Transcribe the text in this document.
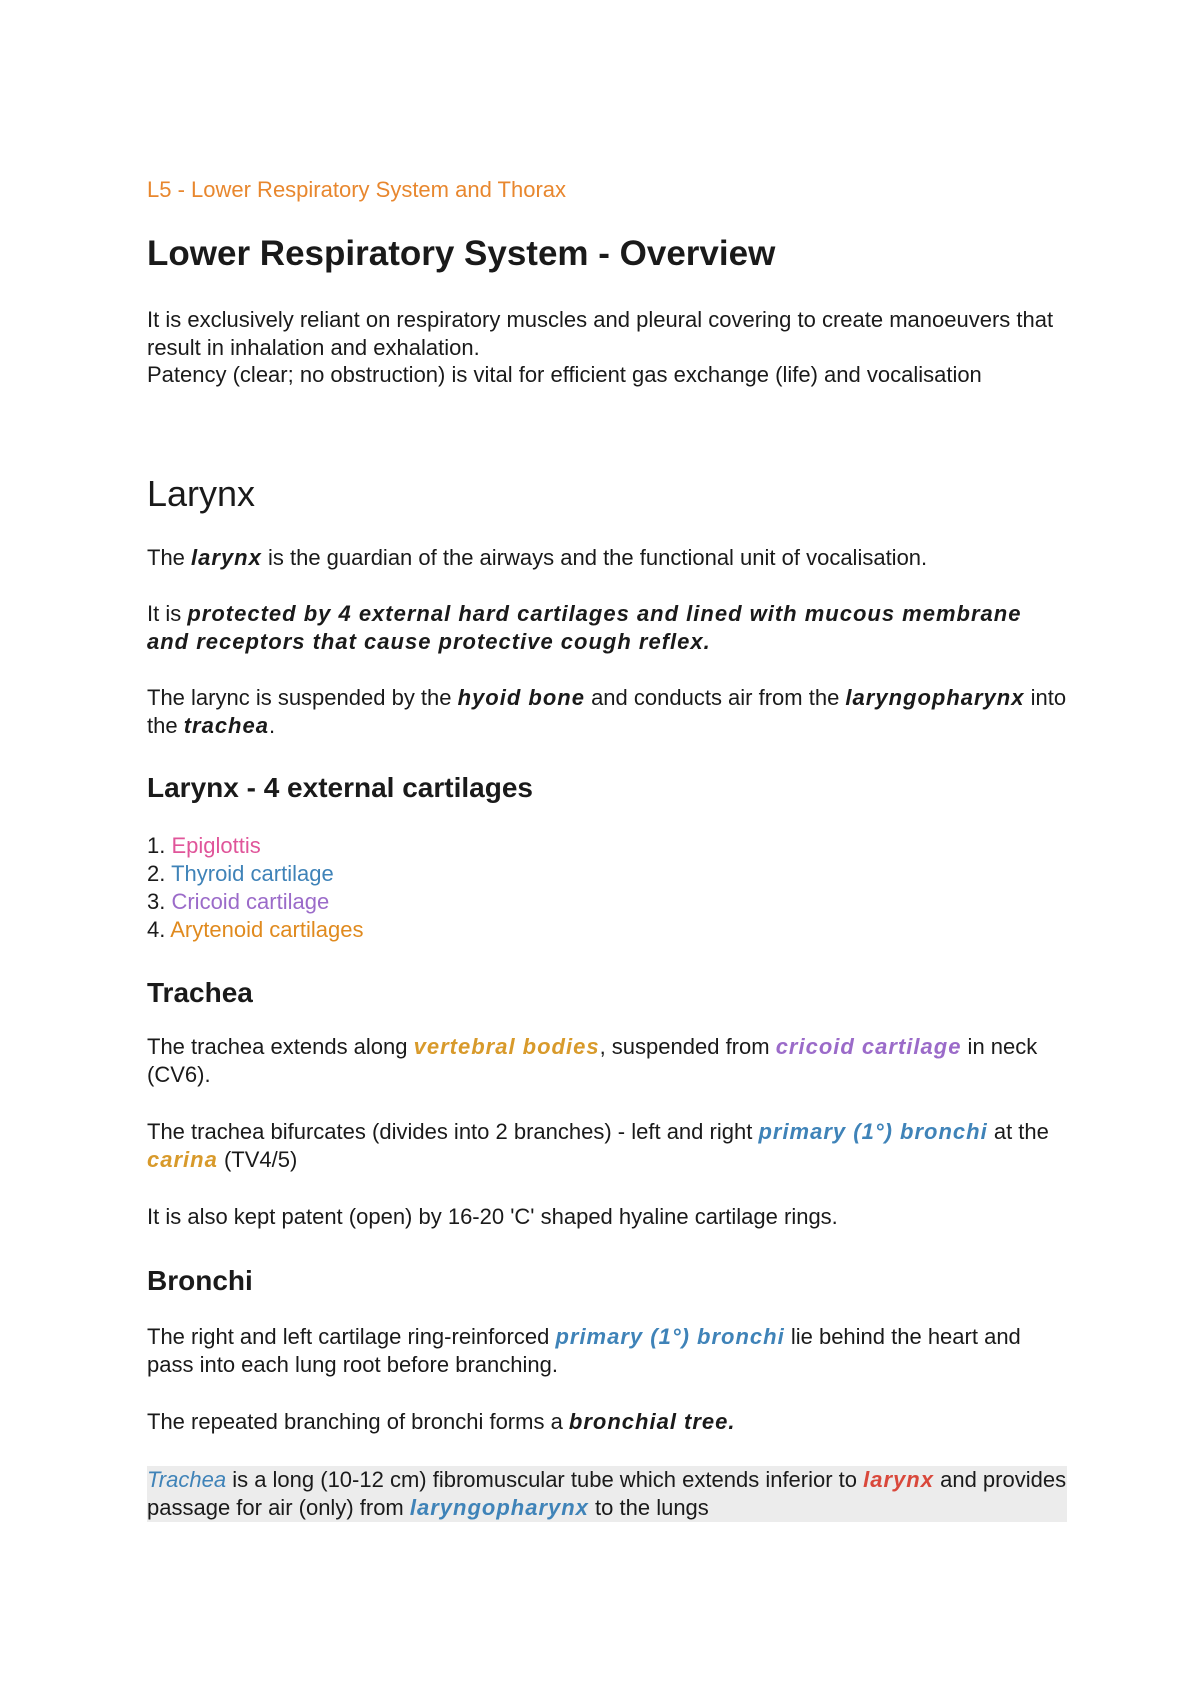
L5 - Lower Respiratory System and Thorax
Lower Respiratory System - Overview

It is exclusively reliant on respiratory muscles and pleural covering to create manoeuvers that result in inhalation and exhalation.

Patency (clear; no obstruction) is vital for efficient gas exchange (life) and vocalisation

Larynx

The larynx is the guardian of the airways and the functional unit of vocalisation.

It is protected by 4 external hard cartilages and lined with mucous membrane and receptors that cause protective cough reflex.

The larync is suspended by the hyoid bone and conducts air from the laryngopharynx into the trachea.

Larynx - 4 external cartilages
1. Epiglottis
2. Thyroid cartilage
3. Cricoid cartilage
4. Arytenoid cartilages
Trachea

The trachea extends along vertebral bodies, suspended from cricoid cartilage in neck (CV6).

The trachea bifurcates (divides into 2 branches) - left and right primary (1°) bronchi at the carina (TV4/5)

It is also kept patent (open) by 16-20 'C' shaped hyaline cartilage rings.

Bronchi

The right and left cartilage ring-reinforced primary (1°) bronchi lie behind the heart and pass into each lung root before branching.

The repeated branching of bronchi forms a bronchial tree.

Trachea is a long (10-12 cm) fibromuscular tube which extends inferior to larynx and provides passage for air (only) from laryngopharynx to the lungs
